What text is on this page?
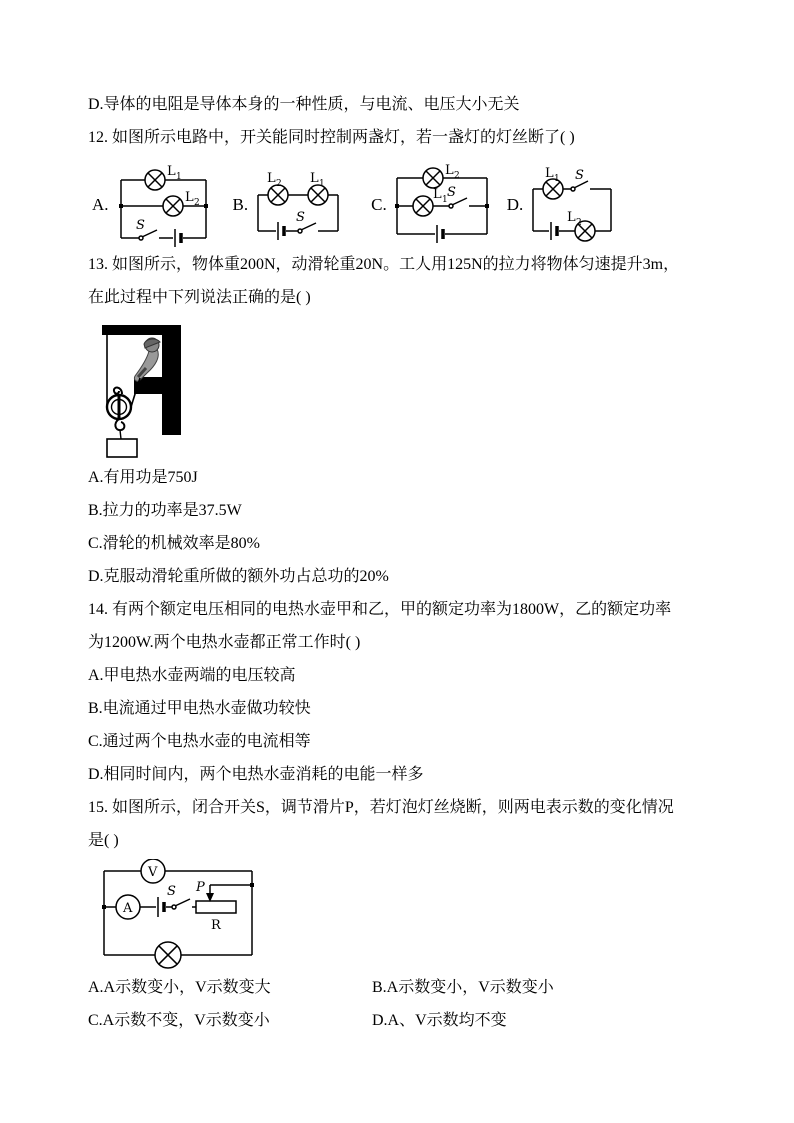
D.导体的电阻是导体本身的一种性质，与电流、电压大小无关
12. 如图所示电路中，开关能同时控制两盏灯，若一盏灯的灯丝断了( )
A.
L 1
L 2
S
B.
L 2 L 1
S
C.
L 2
L 1 S
D.
L 1 S
L 2
13. 如图所示，物体重200N，动滑轮重20N。工人用125N的拉力将物体匀速提升3m，
在此过程中下列说法正确的是( )
A.有用功是750J
B.拉力的功率是37.5W
C.滑轮的机械效率是80%
D.克服动滑轮重所做的额外功占总功的20%
14. 有两个额定电压相同的电热水壶甲和乙，甲的额定功率为1800W，乙的额定功率
为1200W.两个电热水壶都正常工作时( )
A.甲电热水壶两端的电压较高
B.电流通过甲电热水壶做功较快
C.通过两个电热水壶的电流相等
D.相同时间内，两个电热水壶消耗的电能一样多
15. 如图所示，闭合开关S，调节滑片P，若灯泡灯丝烧断，则两电表示数的变化情况
是( )
V
A
S P
R
A.A示数变小，V示数变大	B.A示数变小，V示数变小
C.A示数不变，V示数变小	D.A、V示数均不变
